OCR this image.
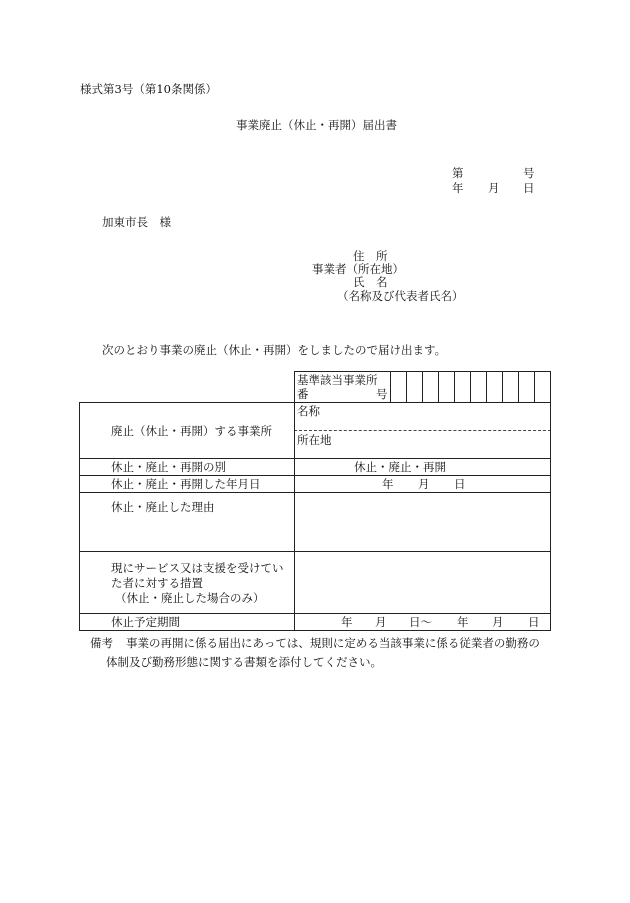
様式第3号（第10条関係）
事業廃止（休止・再開）届出書
第	号
年 月 日
加東市長　様
住　所
事業者（所在地）
氏　名
（名称及び代表者氏名）
次のとおり事業の廃止（休止・再開）をしましたので届け出ます。
基準該当事業所
番	号
廃止（休止・再開）する事業所
名称
所在地
休止・廃止・再開の別	休止・廃止・再開
休止・廃止・再開した年月日	年 月 日
休止・廃止した理由
現にサービス又は支援を受けてい
た者に対する措置
（休止・廃止した場合のみ）
休止予定期間	年 月 日〜 年 月 日
備考 事業の再開に係る届出にあっては、規則に定める当該事業に係る従業者の勤務の
体制及び勤務形態に関する書類を添付してください。
